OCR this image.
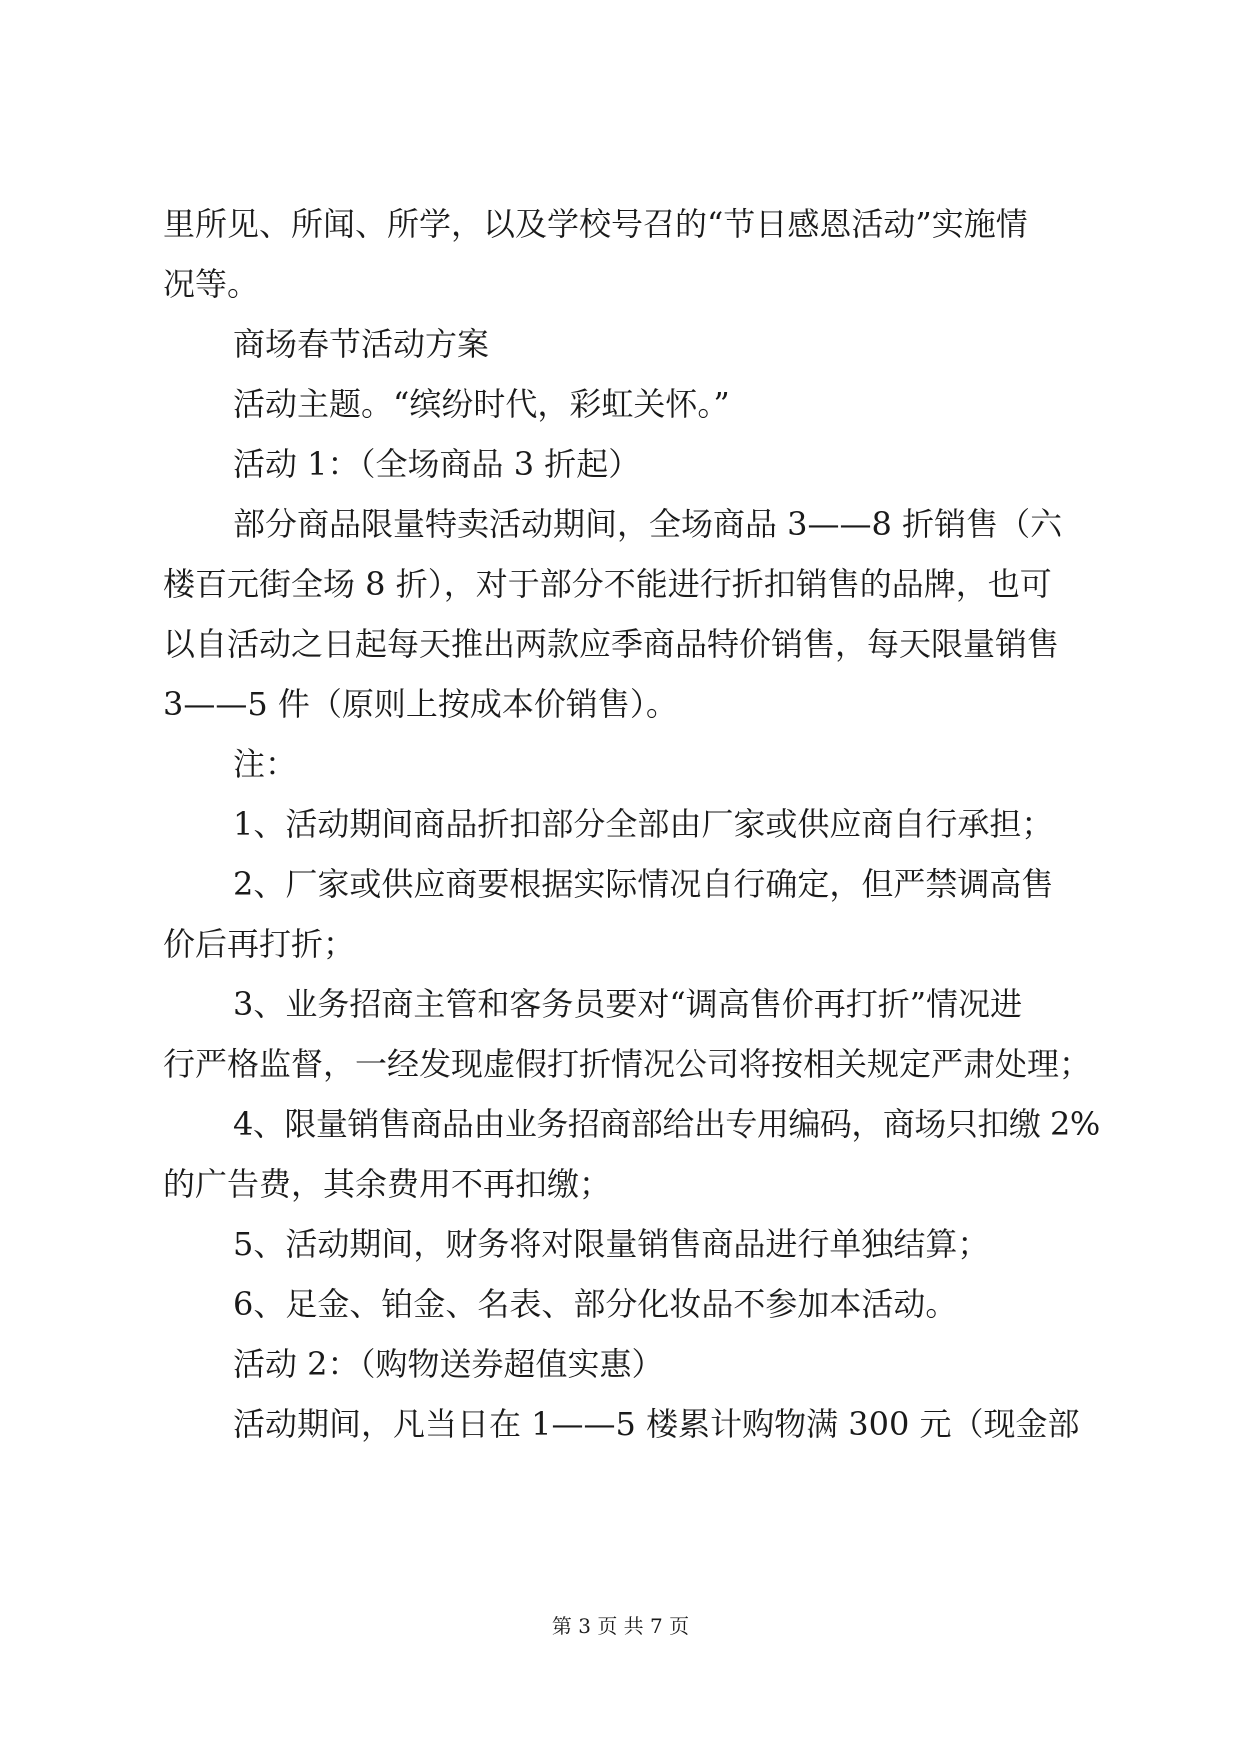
里所见、所闻、所学，以及学校号召的“节日感恩活动”实施情
况等。
商场春节活动方案
活动主题。“缤纷时代，彩虹关怀。”
活动 1：（全场商品 3 折起）
部分商品限量特卖活动期间，全场商品 3——8 折销售（六
楼百元街全场 8 折），对于部分不能进行折扣销售的品牌，也可
以自活动之日起每天推出两款应季商品特价销售，每天限量销售
3——5 件（原则上按成本价销售）。
注：
1、活动期间商品折扣部分全部由厂家或供应商自行承担；
2、厂家或供应商要根据实际情况自行确定，但严禁调高售
价后再打折；
3、业务招商主管和客务员要对“调高售价再打折”情况进
行严格监督，一经发现虚假打折情况公司将按相关规定严肃处理；
4、限量销售商品由业务招商部给出专用编码，商场只扣缴 2%
的广告费，其余费用不再扣缴；
5、活动期间，财务将对限量销售商品进行单独结算；
6、足金、铂金、名表、部分化妆品不参加本活动。
活动 2：（购物送券超值实惠）
活动期间，凡当日在 1——5 楼累计购物满 300 元（现金部
第 3 页 共 7 页
